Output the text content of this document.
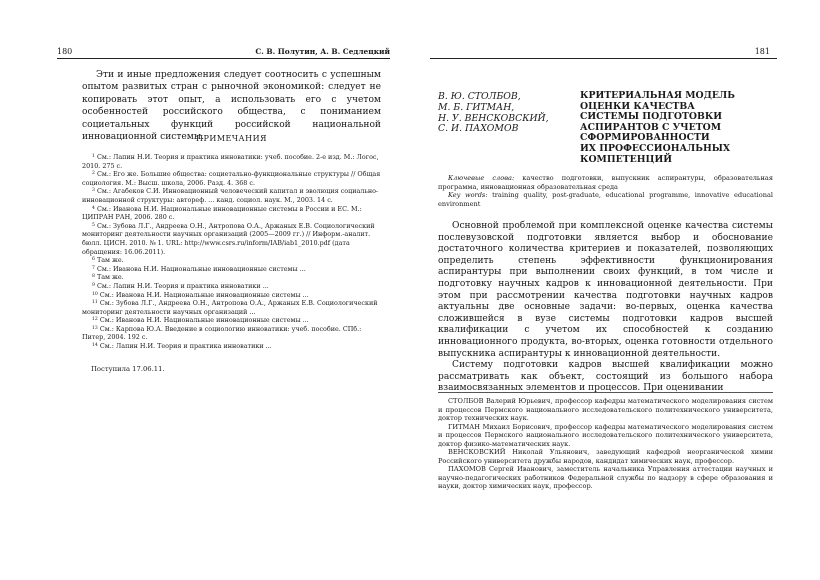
180	С. В. Полутин, А. В. Седлецкий

Эти и иные предложения следует соотносить с успешным опытом развитых стран с рыночной экономикой: следует не копировать этот опыт, а использовать его с учетом особенностей российского общества, с пониманием социетальных функций российской национальной инновационной системы.

ПРИМЕЧАНИЯ

$^1$ См.: Лапин Н.И. Теория и практика инноватики: учеб. пособие. 2-е изд. М.: Логос, 2010. 275 с.

$^2$ См.: Его же. Большие общества: социетально-функциональные структуры // Общая социология. М.: Высш. школа, 2006. Разд. 4. 368 с.

$^3$ См.: Агабеков С.И. Инновационный человеческий капитал и эволюция социально-инновационной структуры: автореф. ... канд. социол. наук. М., 2003. 14 с.

$^4$ См.: Иванова Н.И. Национальные инновационные системы в России и ЕС. М.: ЦИПРАН РАН, 2006. 280 с.

$^5$ См.: Зубова Л.Г., Андреева О.Н., Антропова О.А., Аржаных Е.В. Социологический мониторинг деятельности научных организаций (2005—2009 гг.) // Информ.-аналит. бюлл. ЦИСН. 2010. № 1. URL: http://www.csrs.ru/inform/IAB/iab1_2010.pdf (дата обращения: 16.06.2011).

$^6$ Там же.

$^7$ См.: Иванова Н.И. Национальные инновационные системы ...

$^8$ Там же.

$^9$ См.: Лапин Н.И. Теория и практика инноватики ...

$^{10}$ См.: Иванова Н.И. Национальные инновационные системы ...

$^{11}$ См.: Зубова Л.Г., Андреева О.Н., Антропова О.А., Аржаных Е.В. Социологический мониторинг деятельности научных организаций ...

$^{12}$ См.: Иванова Н.И. Национальные инновационные системы ...

$^{13}$ См.: Карпова Ю.А. Введение в социологию инноватики: учеб. пособие. СПб.: Питер, 2004. 192 с.

$^{14}$ См.: Лапин Н.И. Теория и практика инноватики ...

Поступила 17.06.11.
181
В. Ю. СТОЛБОВ,
М. Б. ГИТМАН,
Н. У. ВЕНСКОВСКИЙ,
С. И. ПАХОМОВ
КРИТЕРИАЛЬНАЯ МОДЕЛЬ
ОЦЕНКИ КАЧЕСТВА
СИСТЕМЫ ПОДГОТОВКИ
АСПИРАНТОВ С УЧЕТОМ
СФОРМИРОВАННОСТИ
ИХ ПРОФЕССИОНАЛЬНЫХ
КОМПЕТЕНЦИЙ

Ключевые слова: качество подготовки, выпускник аспирантуры, образовательная программа, инновационная образовательная среда

Key words: training quality, post-graduate, educational programme, innovative educational environment

Основной проблемой при комплексной оценке качества системы послевузовской подготовки является выбор и обоснование достаточного количества критериев и показателей, позволяющих определить степень эффективности функционирования аспирантуры при выполнении своих функций, в том числе и подготовку научных кадров к инновационной деятельности. При этом при рассмотрении качества подготовки научных кадров актуальны две основные задачи: во-первых, оценка качества сложившейся в вузе системы подготовки кадров высшей квалификации с учетом их способностей к созданию инновационного продукта, во-вторых, оценка готовности отдельного выпускника аспирантуры к инновационной деятельности.

Систему подготовки кадров высшей квалификации можно рассматривать как объект, состоящий из большого набора взаимосвязанных элементов и процессов. При оценивании

СТОЛБОВ Валерий Юрьевич, профессор кафедры математического моделирования систем и процессов Пермского национального исследовательского политехнического университета, доктор технических наук.

ГИТМАН Михаил Борисович, профессор кафедры математического моделирования систем и процессов Пермского национального исследовательского политехнического университета, доктор физико-математических наук.

ВЕНСКОВСКИЙ Николай Ульянович, заведующий кафедрой неорганической химии Российского университета дружбы народов, кандидат химических наук, профессор.

ПАХОМОВ Сергей Иванович, заместитель начальника Управления аттестации научных и научно-педагогических работников Федеральной службы по надзору в сфере образования и науки, доктор химических наук, профессор.
